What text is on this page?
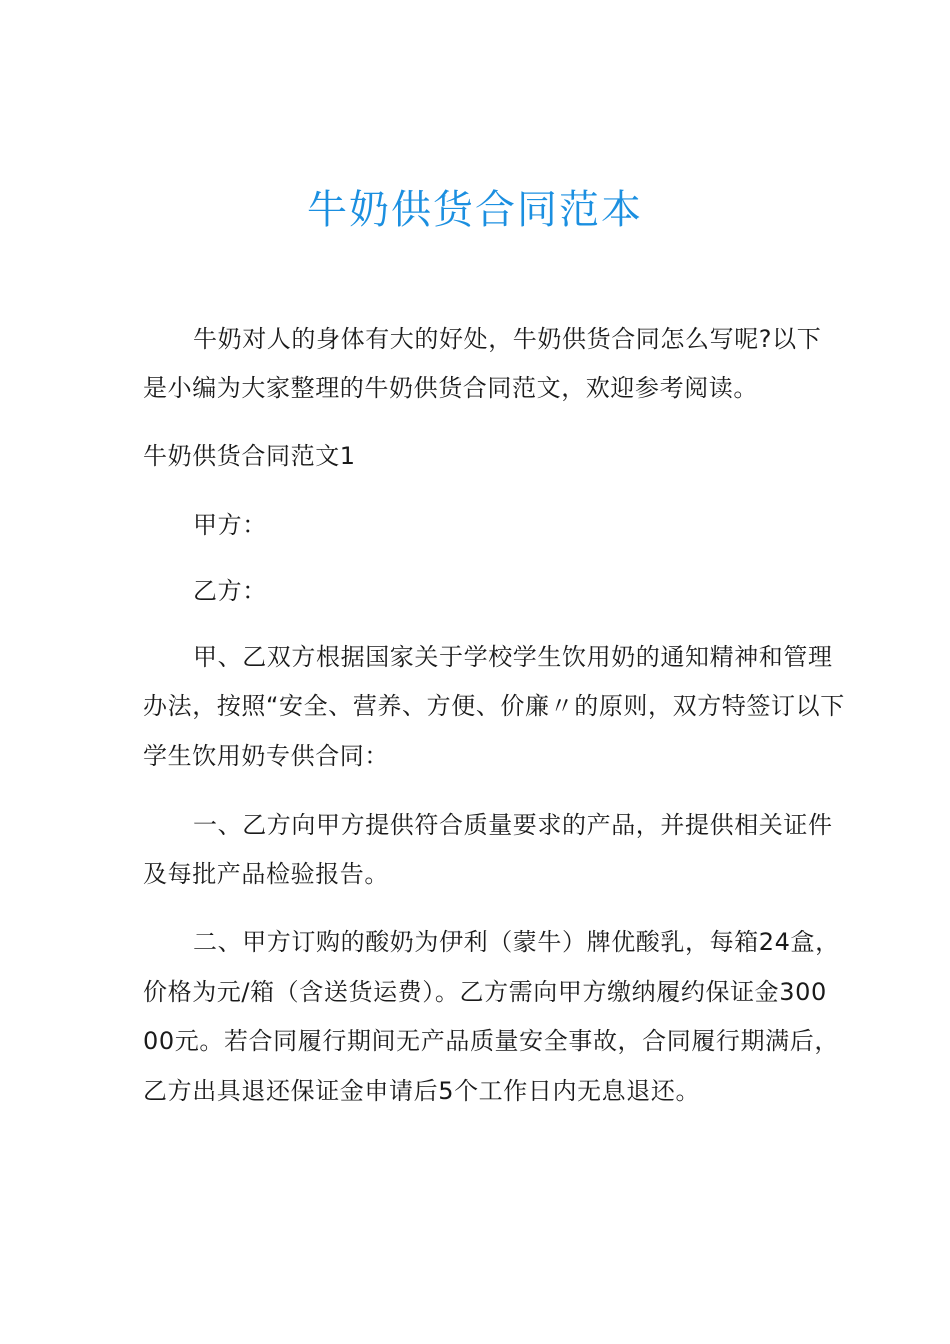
牛奶供货合同范本
牛奶对人的身体有大的好处，牛奶供货合同怎么写呢?以下
是小编为大家整理的牛奶供货合同范文，欢迎参考阅读。
牛奶供货合同范文1
甲方：
乙方：
甲、乙双方根据国家关于学校学生饮用奶的通知精神和管理
办法，按照“安全、营养、方便、价廉〃的原则，双方特签订以下
学生饮用奶专供合同：
一、乙方向甲方提供符合质量要求的产品，并提供相关证件
及每批产品检验报告。
二、甲方订购的酸奶为伊利（蒙牛）牌优酸乳，每箱24盒，
价格为元/箱（含送货运费）。乙方需向甲方缴纳履约保证金300
00元。若合同履行期间无产品质量安全事故，合同履行期满后，
乙方出具退还保证金申请后5个工作日内无息退还。
